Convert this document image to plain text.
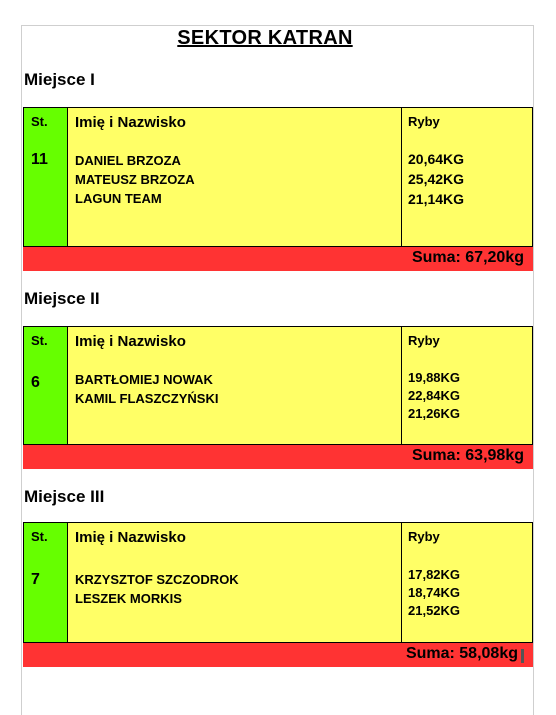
SEKTOR KATRAN
Miejsce I
St.
11
Imię i Nazwisko
DANIEL BRZOZA
MATEUSZ BRZOZA
LAGUN TEAM
Ryby
20,64KG
25,42KG
21,14KG
Suma: 67,20kg
Miejsce II
St.
6
Imię i Nazwisko
BARTŁOMIEJ NOWAK
KAMIL FLASZCZYŃSKI
Ryby
19,88KG
22,84KG
21,26KG
Suma: 63,98kg
Miejsce III
St.
7
Imię i Nazwisko
KRZYSZTOF SZCZODROK
LESZEK MORKIS
Ryby
17,82KG
18,74KG
21,52KG
Suma: 58,08kg
